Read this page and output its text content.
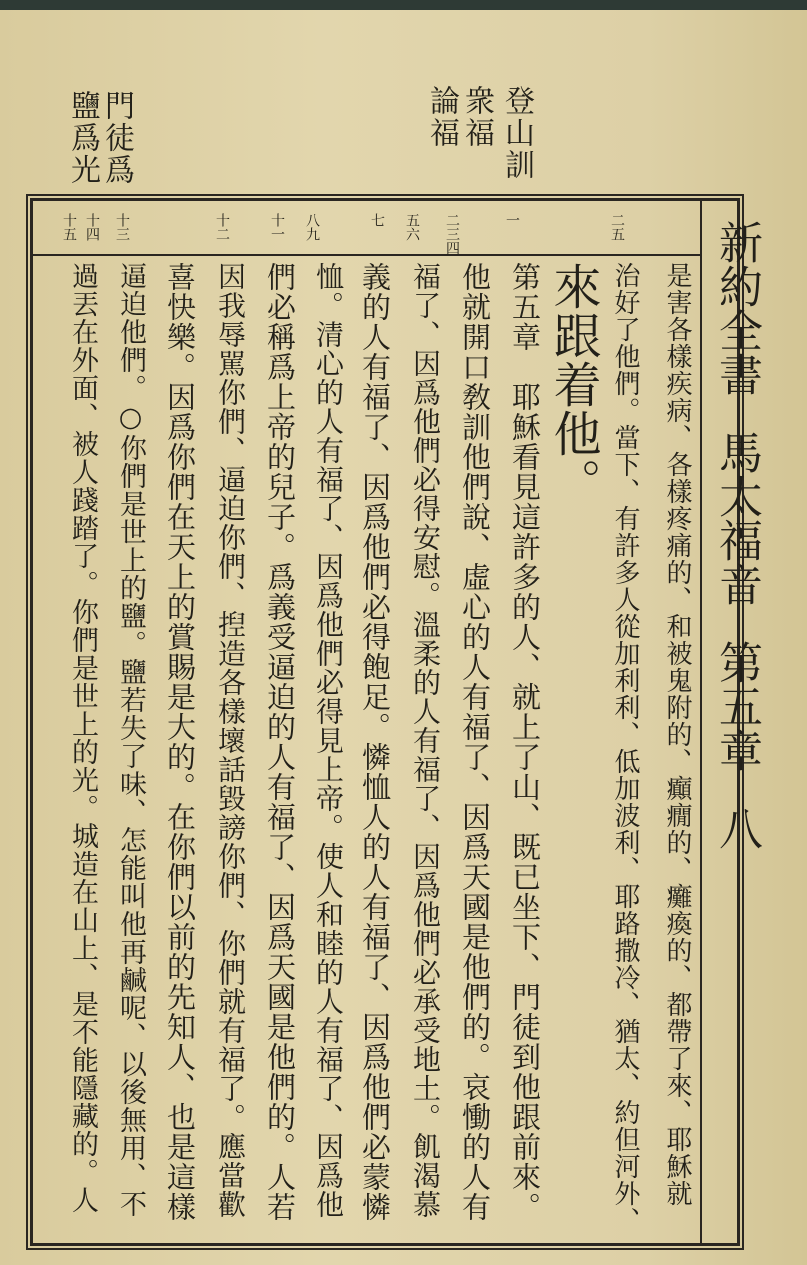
登山訓
衆福
論福
門徒爲
鹽爲光
二五
一
二三四
五六
七
八九
十一
十二
十三
十四
十五	新約全書馬太福音第五章八
是害各樣疾病、各樣疼痛的、和被鬼附的、癲癇的、癱瘓的、都帶了來、耶穌就
治好了他們。當下、有許多人從加利利、低加波利、耶路撒冷、猶太、約但河外、
來跟着他。
第五章　耶穌看見這許多的人、就上了山、既已坐下、門徒到他跟前來。
他就開口敎訓他們說、虛心的人有福了、因爲天國是他們的。哀慟的人有
福了、因爲他們必得安慰。溫柔的人有福了、因爲他們必承受地土。飢渴慕
義的人有福了、因爲他們必得飽足。憐恤人的人有福了、因爲他們必蒙憐
恤。清心的人有福了、因爲他們必得見上帝。使人和睦的人有福了、因爲他
們必稱爲上帝的兒子。爲義受逼迫的人有福了、因爲天國是他們的。人若
因我辱駡你們、逼迫你們、揑造各樣壞話毀謗你們、你們就有福了。應當歡
喜快樂。因爲你們在天上的賞賜是大的。在你們以前的先知人、也是這樣
逼迫他們。○你們是世上的鹽。鹽若失了味、怎能叫他再鹹呢、以後無用、不
過丟在外面、被人踐踏了。你們是世上的光。城造在山上、是不能隱藏的。人
